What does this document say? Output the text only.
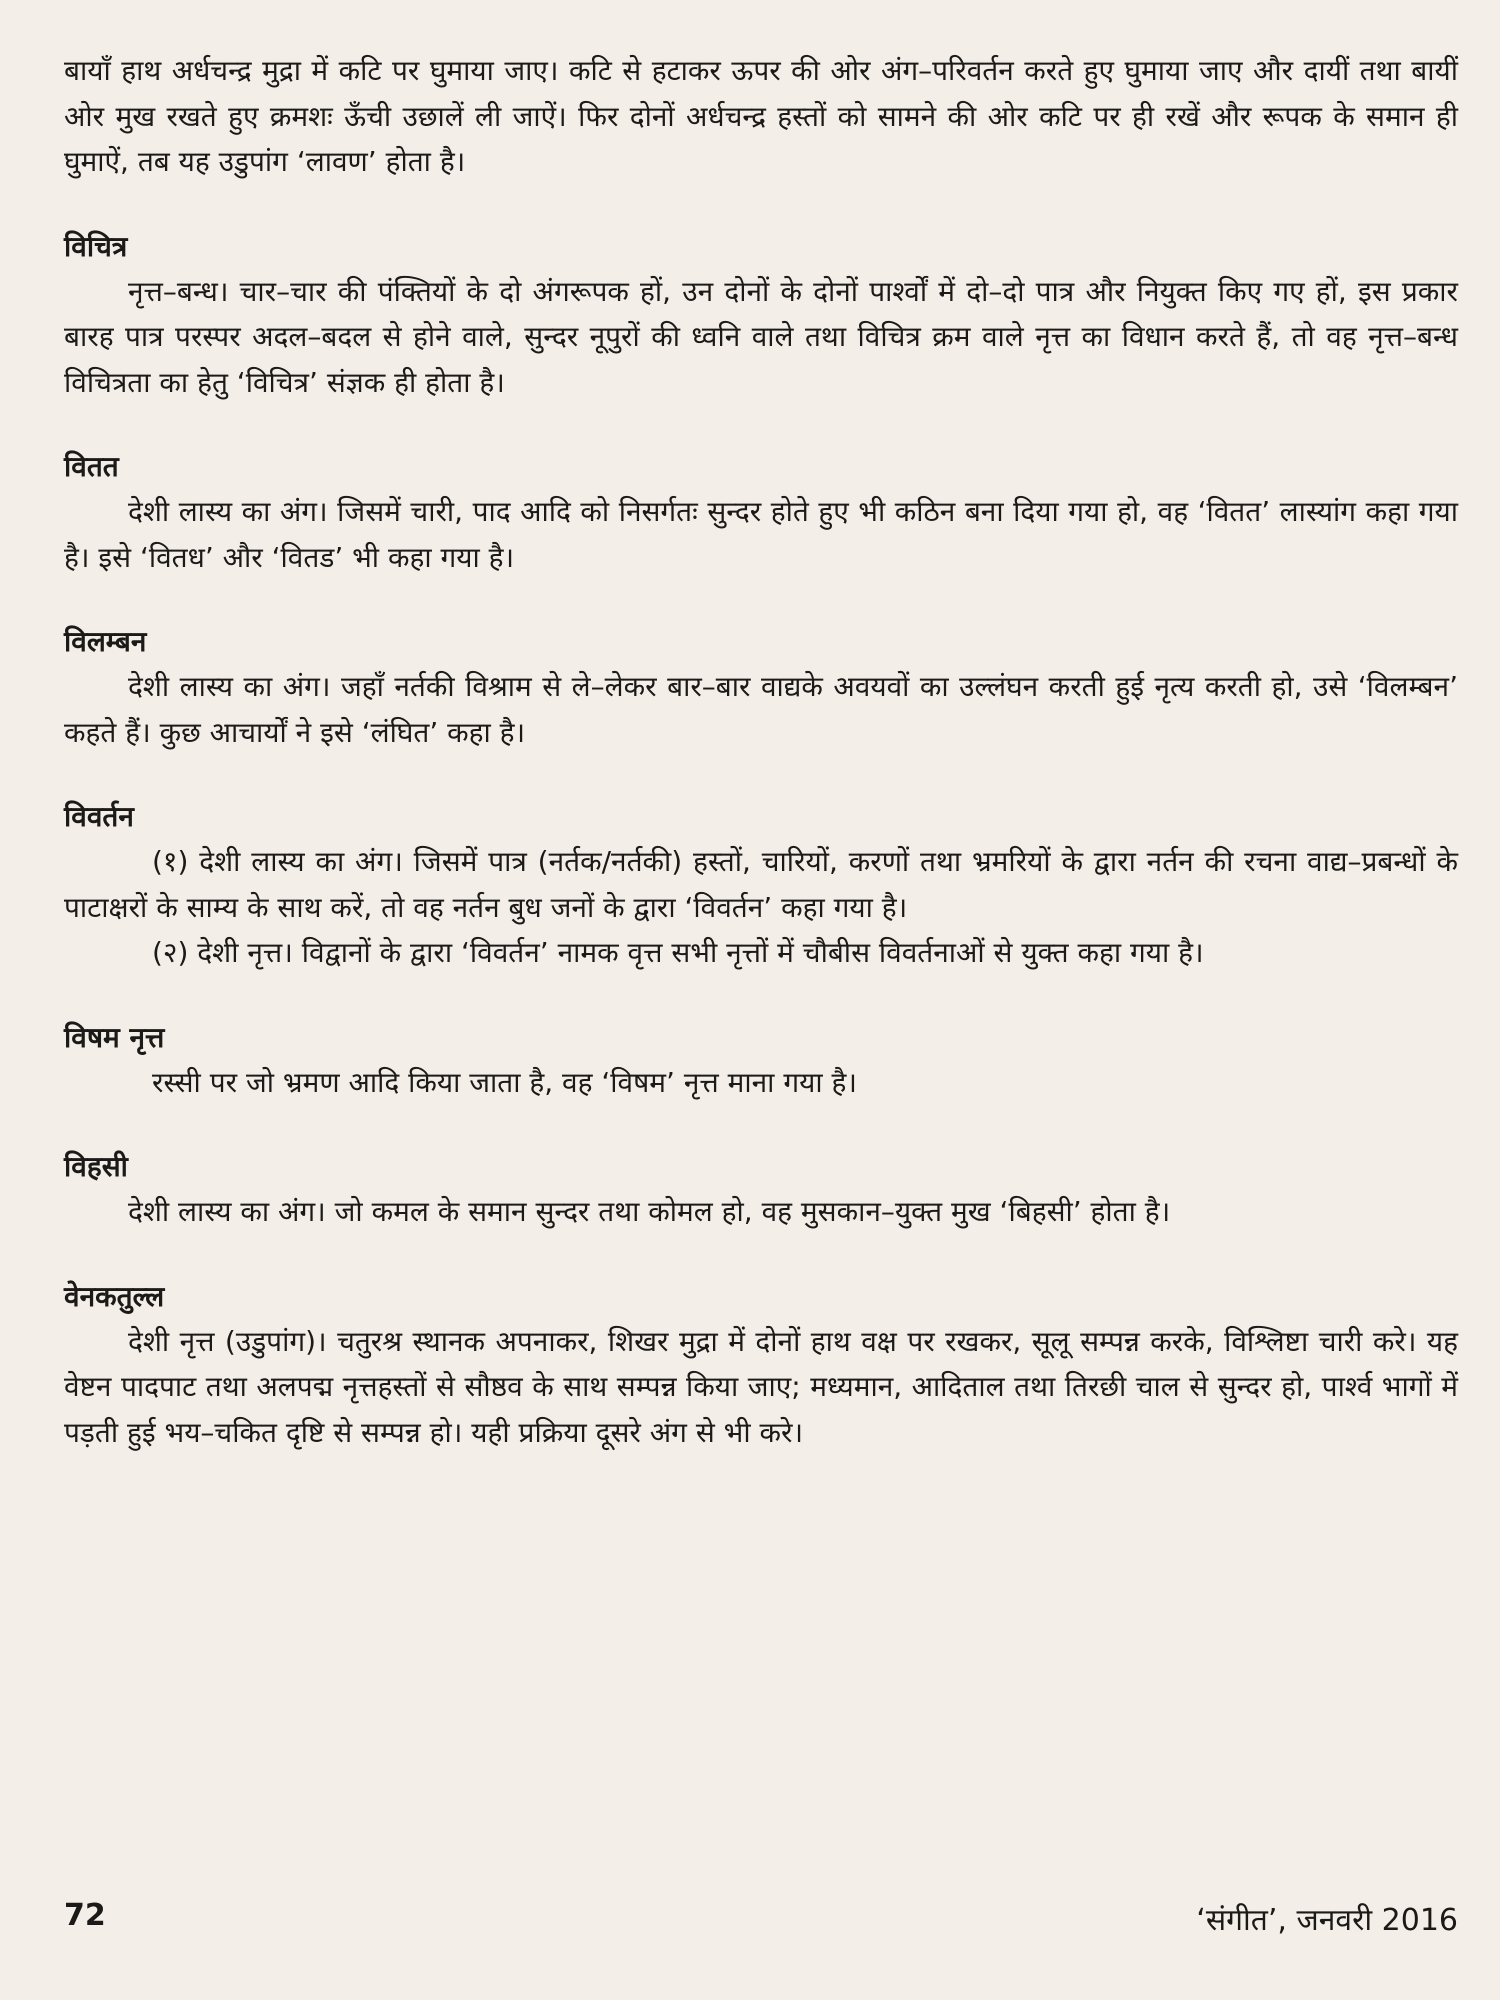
बायाँ हाथ अर्धचन्द्र मुद्रा में कटि पर घुमाया जाए। कटि से हटाकर ऊपर की ओर अंग–परिवर्तन करते हुए घुमाया जाए और दायीं तथा बायीं ओर मुख रखते हुए क्रमशः ऊँची उछालें ली जाऐं। फिर दोनों अर्धचन्द्र हस्तों को सामने की ओर कटि पर ही रखें और रूपक के समान ही घुमाऐं, तब यह उडुपांग ‘लावण’ होता है।

विचित्र

नृत्त–बन्ध। चार–चार की पंक्तियों के दो अंगरूपक हों, उन दोनों के दोनों पार्श्वों में दो–दो पात्र और नियुक्त किए गए हों, इस प्रकार बारह पात्र परस्पर अदल–बदल से होने वाले, सुन्दर नूपुरों की ध्वनि वाले तथा विचित्र क्रम वाले नृत्त का विधान करते हैं, तो वह नृत्त–बन्ध विचित्रता का हेतु ‘विचित्र’ संज्ञक ही होता है।

वितत

देशी लास्य का अंग। जिसमें चारी, पाद आदि को निसर्गतः सुन्दर होते हुए भी कठिन बना दिया गया हो, वह ‘वितत’ लास्यांग कहा गया है। इसे ‘वितध’ और ‘वितड’ भी कहा गया है।

विलम्बन

देशी लास्य का अंग। जहाँ नर्तकी विश्राम से ले–लेकर बार–बार वाद्यके अवयवों का उल्लंघन करती हुई नृत्य करती हो, उसे ‘विलम्बन’ कहते हैं। कुछ आचार्यों ने इसे ‘लंघित’ कहा है।

विवर्तन

(१) देशी लास्य का अंग। जिसमें पात्र (नर्तक/नर्तकी) हस्तों, चारियों, करणों तथा भ्रमरियों के द्वारा नर्तन की रचना वाद्य–प्रबन्धों के पाटाक्षरों के साम्य के साथ करें, तो वह नर्तन बुध जनों के द्वारा ‘विवर्तन’ कहा गया है।

(२) देशी नृत्त। विद्वानों के द्वारा ‘विवर्तन’ नामक वृत्त सभी नृत्तों में चौबीस विवर्तनाओं से युक्त कहा गया है।

विषम नृत्त

रस्सी पर जो भ्रमण आदि किया जाता है, वह ‘विषम’ नृत्त माना गया है।

विहसी

देशी लास्य का अंग। जो कमल के समान सुन्दर तथा कोमल हो, वह मुसकान–युक्त मुख ‘बिहसी’ होता है।

वेनकतुल्ल

देशी नृत्त (उडुपांग)। चतुरश्र स्थानक अपनाकर, शिखर मुद्रा में दोनों हाथ वक्ष पर रखकर, सूलू सम्पन्न करके, विश्लिष्टा चारी करे। यह वेष्टन पादपाट तथा अलपद्म नृत्तहस्तों से सौष्ठव के साथ सम्पन्न किया जाए; मध्यमान, आदिताल तथा तिरछी चाल से सुन्दर हो, पार्श्व भागों में पड़ती हुई भय–चकित दृष्टि से सम्पन्न हो। यही प्रक्रिया दूसरे अंग से भी करे।

72	‘संगीत’, जनवरी 2016
